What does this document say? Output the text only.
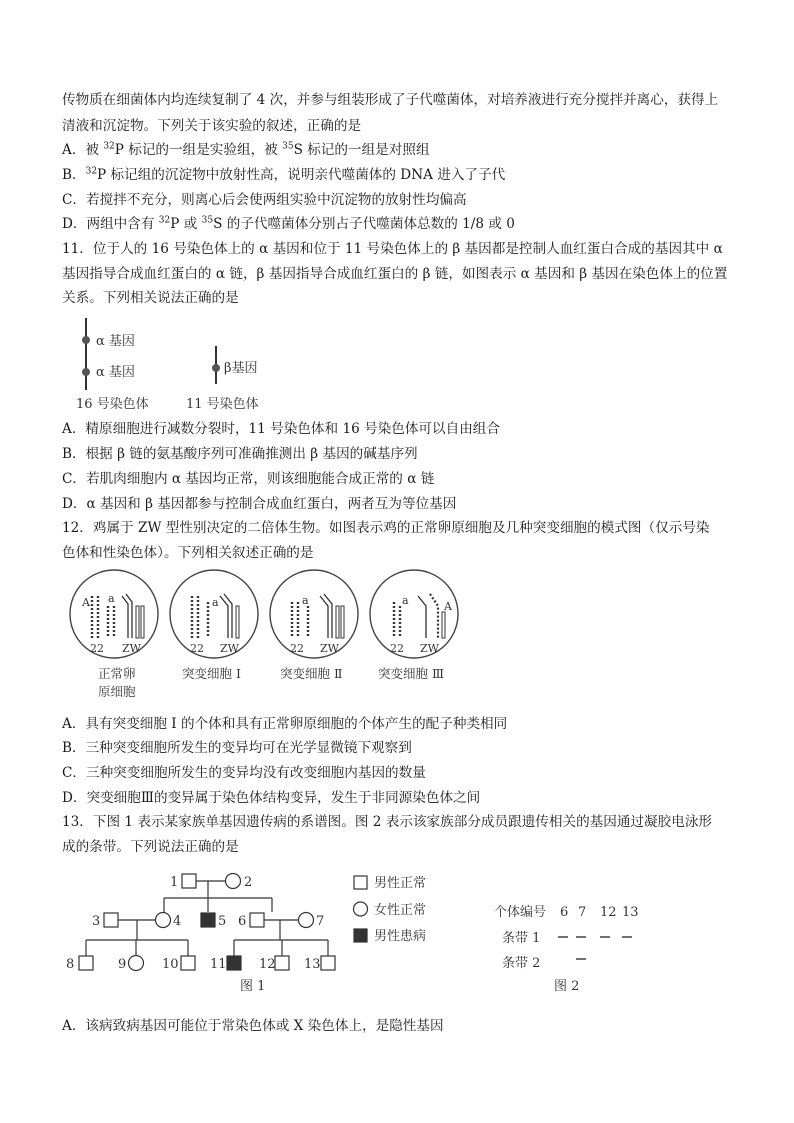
传物质在细菌体内均连续复制了 4 次，并参与组装形成了子代噬菌体，对培养液进行充分搅拌并离心，获得上
清液和沉淀物。下列关于该实验的叙述，正确的是
A．被 $^{32}$P 标记的一组是实验组，被 $^{35}$S 标记的一组是对照组
B．$^{32}$P 标记组的沉淀物中放射性高，说明亲代噬菌体的 DNA 进入了子代
C．若搅拌不充分，则离心后会使两组实验中沉淀物的放射性均偏高
D．两组中含有 $^{32}$P 或 $^{35}$S 的子代噬菌体分别占子代噬菌体总数的 1/8 或 0
11．位于人的 16 号染色体上的 α 基因和位于 11 号染色体上的 β 基因都是控制人血红蛋白合成的基因其中 α
基因指导合成血红蛋白的 α 链，β 基因指导合成血红蛋白的 β 链，如图表示 α 基因和 β 基因在染色体上的位置
关系。下列相关说法正确的是
α 基因
α 基因
16 号染色体
β基因
11 号染色体
A．精原细胞进行减数分裂时，11 号染色体和 16 号染色体可以自由组合
B．根据 β 链的氨基酸序列可准确推测出 β 基因的碱基序列
C．若肌肉细胞内 α 基因均正常，则该细胞能合成正常的 α 链
D．α 基因和 β 基因都参与控制合成血红蛋白，两者互为等位基因
12．鸡属于 ZW 型性别决定的二倍体生物。如图表示鸡的正常卵原细胞及几种突变细胞的模式图（仅示号染
色体和性染色体）。下列相关叙述正确的是
A a
22 ZW
正常卵
原细胞
a
22 ZW
突变细胞 Ⅰ
a
22 ZW
突变细胞 Ⅱ
a	A
22 ZW
突变细胞 Ⅲ
A．具有突变细胞 Ⅰ 的个体和具有正常卵原细胞的个体产生的配子种类相同
B．三种突变细胞所发生的变异均可在光学显微镜下观察到
C．三种突变细胞所发生的变异均没有改变细胞内基因的数量
D．突变细胞Ⅲ的变异属于染色体结构变异，发生于非同源染色体之间
13．下图 1 表示某家族单基因遗传病的系谱图。图 2 表示该家族部分成员跟遗传相关的基因通过凝胶电泳形
成的条带。下列说法正确的是
1	2
3	4	5 6	7
8	9	10 11 12 13
图 1
男性正常
女性正常
男性患病
个体编号 6 7 12 13
条带 1
条带 2
图 2
A．该病致病基因可能位于常染色体或 X 染色体上，是隐性基因
